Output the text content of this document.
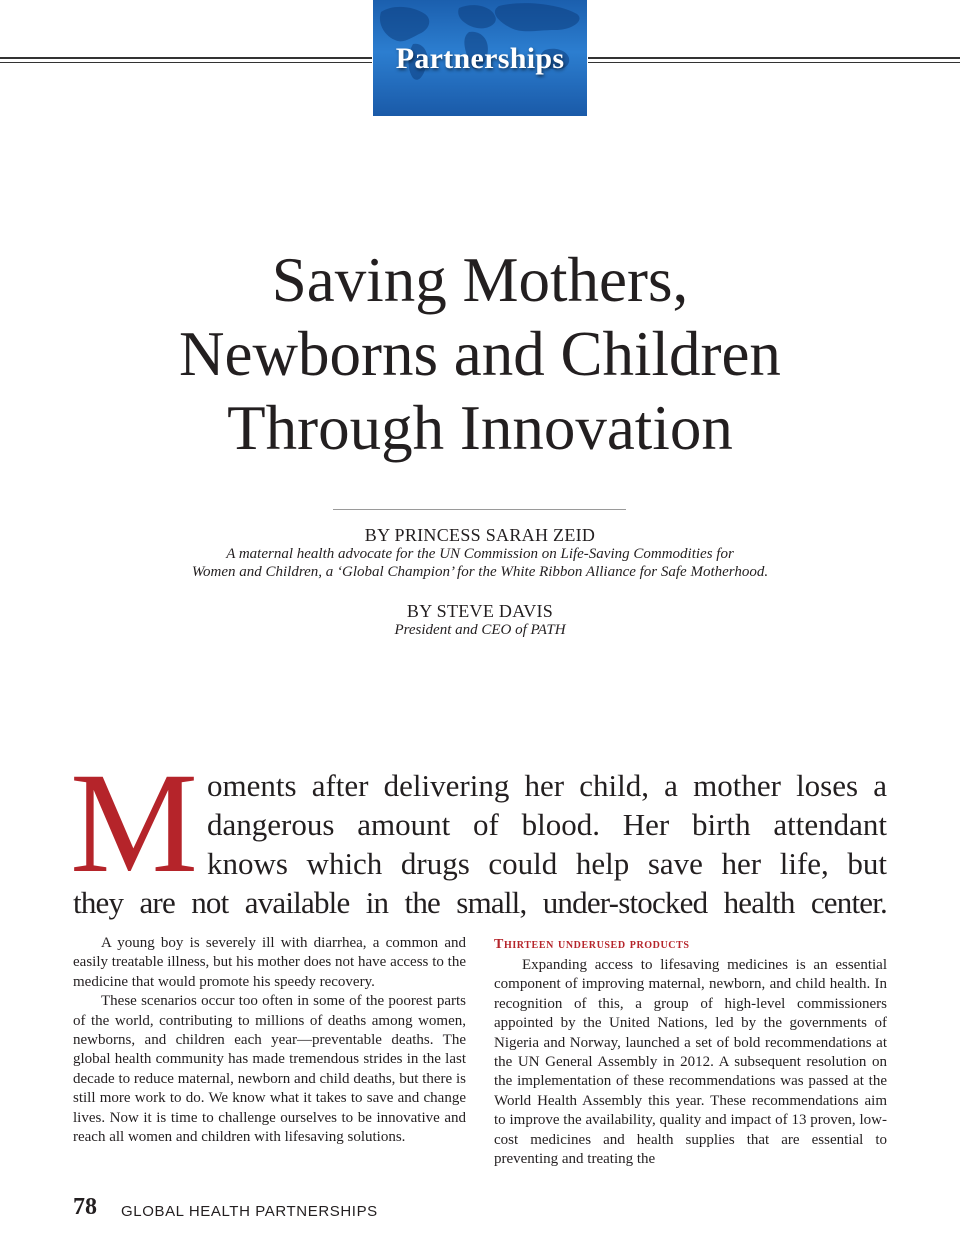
Partnerships
Saving Mothers,
Newborns and Children
Through Innovation
BY PRINCESS SARAH ZEID
A maternal health advocate for the UN Commission on Life-Saving Commodities for
Women and Children, a ‘Global Champion’ for the White Ribbon Alliance for Safe Motherhood.
BY STEVE DAVIS
President and CEO of PATH
M oments after delivering her child, a mother loses a
dangerous amount of blood. Her birth attendant
knows which drugs could help save her life, but
they are not available in the small, under-stocked health center.

A young boy is severely ill with diarrhea, a common and easily treatable illness, but his mother does not have access to the medicine that would promote his speedy recovery.

These scenarios occur too often in some of the poorest parts of the world, contributing to millions of deaths among women, newborns, and children each year—preventable deaths. The global health community has made tremendous strides in the last decade to reduce maternal, newborn and child deaths, but there is still more work to do. We know what it takes to save and change lives. Now it is time to challenge ourselves to be innovative and reach all women and children with lifesaving solutions.

Thirteen underused products

Expanding access to lifesaving medicines is an essential component of improving maternal, newborn, and child health. In recognition of this, a group of high-level commissioners appointed by the United Nations, led by the governments of Nigeria and Norway, launched a set of bold recommendations at the UN General Assembly in 2012. A subsequent resolution on the implementation of these recommendations was passed at the World Health Assembly this year. These recommendations aim to improve the availability, quality and impact of 13 proven, low-cost medicines and health supplies that are essential to preventing and treating the

78 GLOBAL HEALTH PARTNERSHIPS
